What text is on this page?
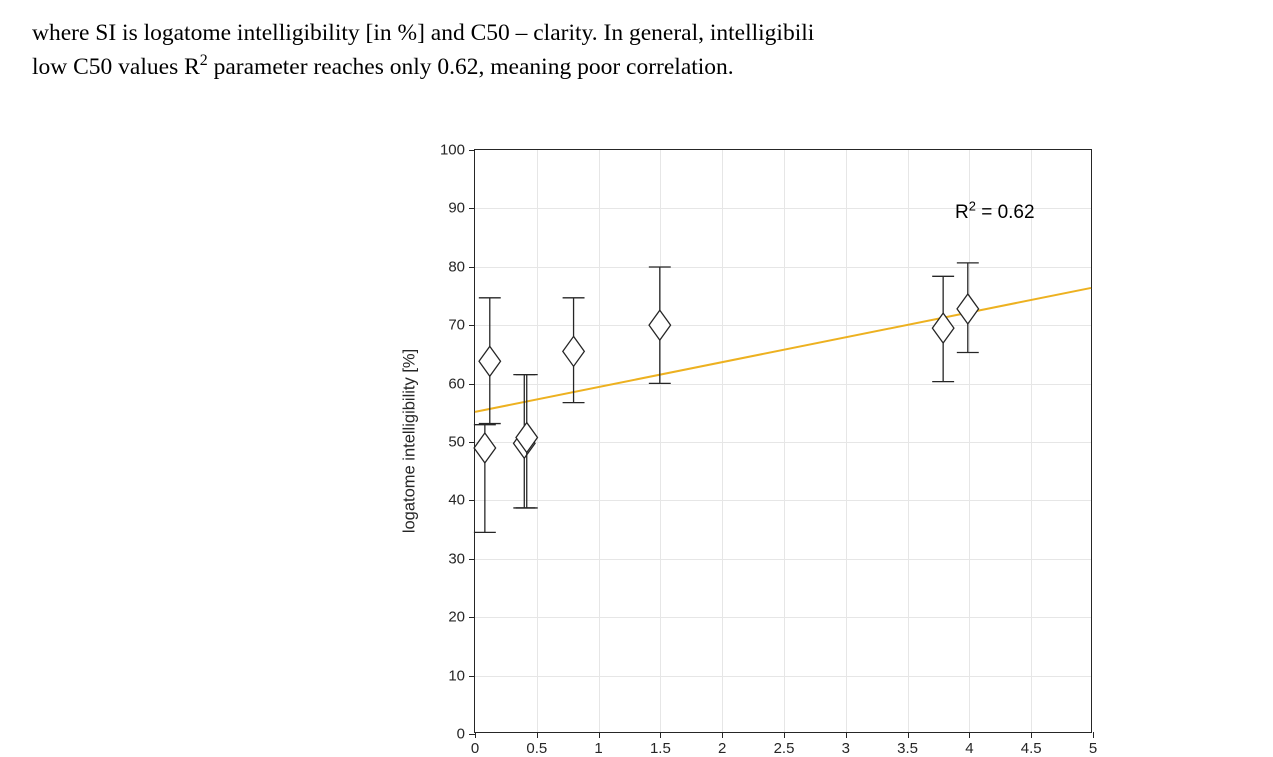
where SI is logatome intelligibility [in %] and C50 – clarity. In general, intelligibili
low C50 values $R^2$ parameter reaches only 0.62, meaning poor correlation.
logatome intelligibility [%]
0
10
20
30
40
50
60
70
80
90
100
0	0.5	1	1.5	2	2.5	3	3.5	4	4.5	5
$R^2 = 0.62$
